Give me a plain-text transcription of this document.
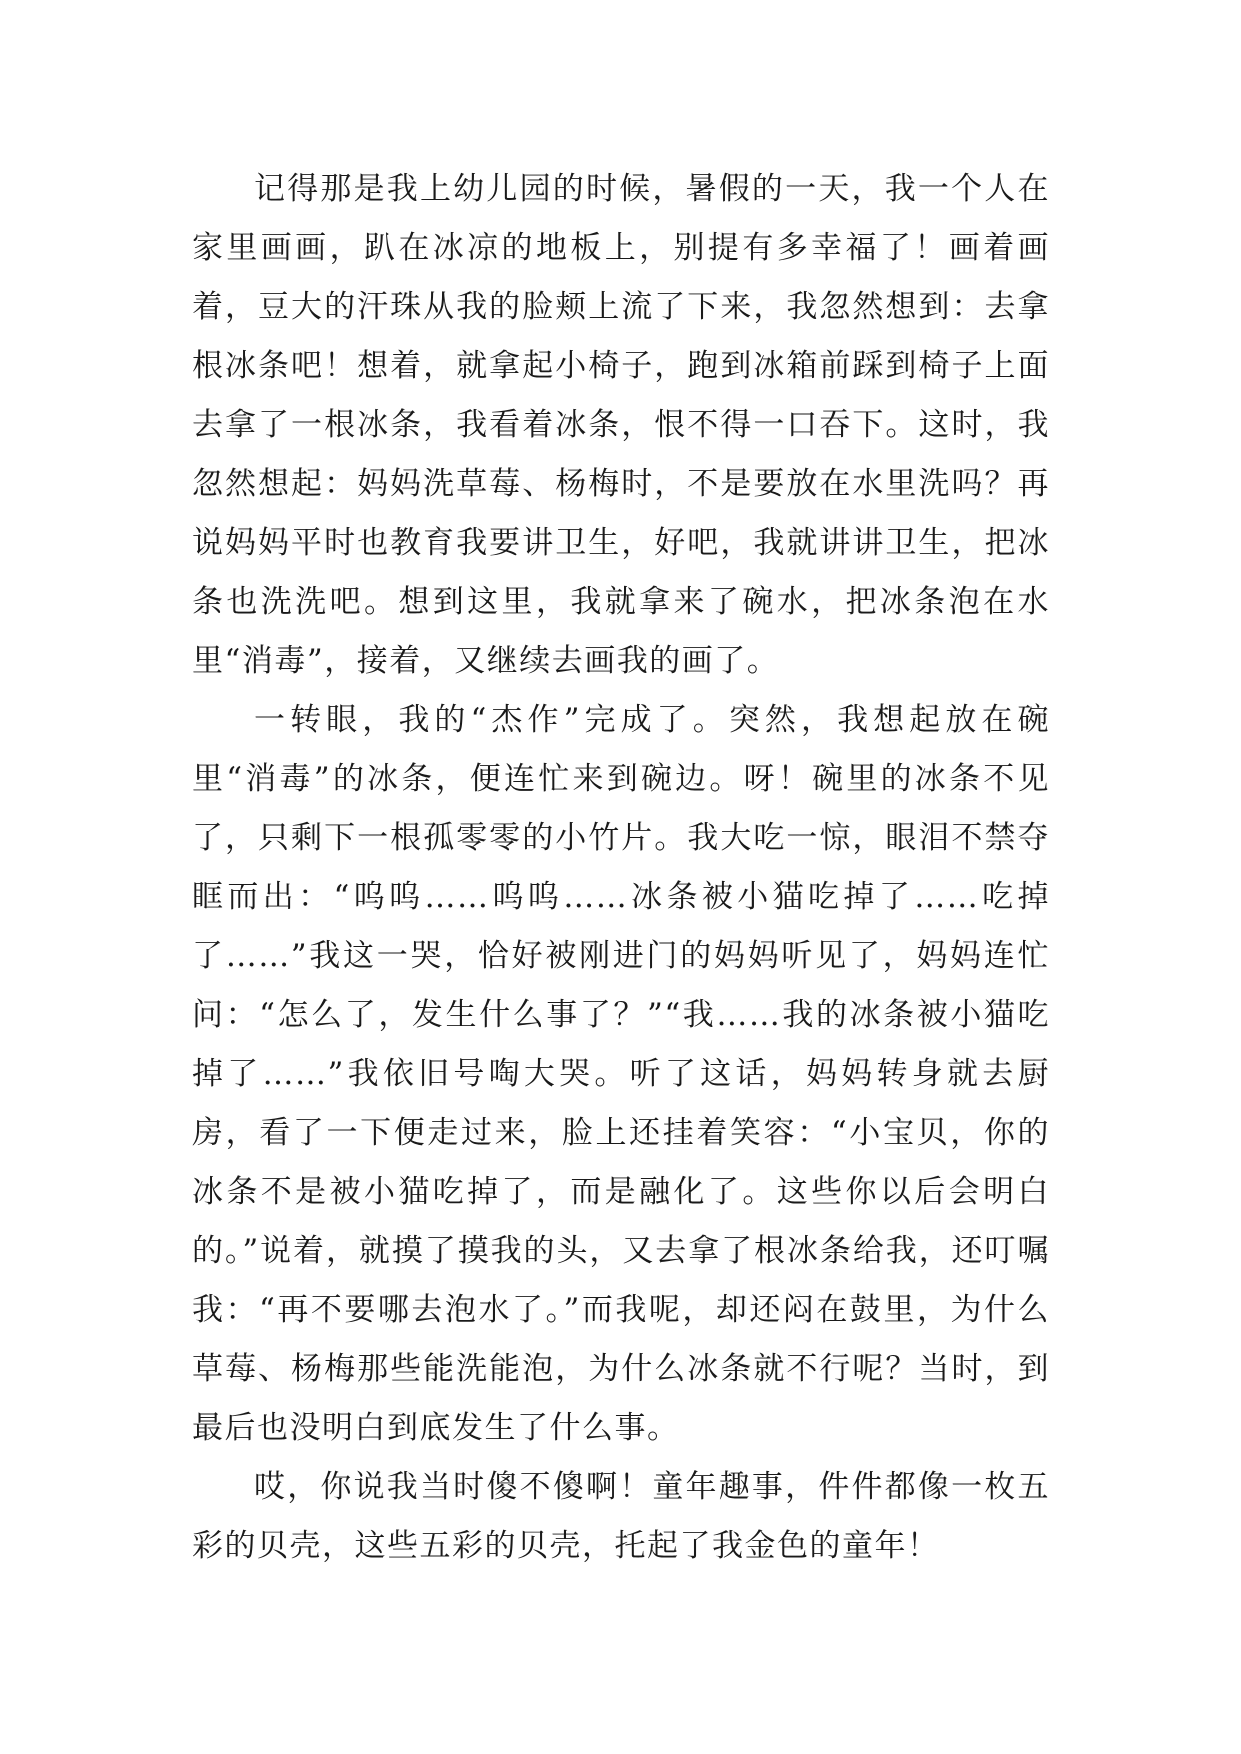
记得那是我上幼儿园的时候，暑假的一天，我一个人在家里画画，趴在冰凉的地板上，别提有多幸福了！画着画着，豆大的汗珠从我的脸颊上流了下来，我忽然想到：去拿根冰条吧！想着，就拿起小椅子，跑到冰箱前踩到椅子上面去拿了一根冰条，我看着冰条，恨不得一口吞下。这时，我忽然想起：妈妈洗草莓、杨梅时，不是要放在水里洗吗？再说妈妈平时也教育我要讲卫生，好吧，我就讲讲卫生，把冰条也洗洗吧。想到这里，我就拿来了碗水，把冰条泡在水里“消毒”，接着，又继续去画我的画了。

一转眼，我的“杰作”完成了。突然，我想起放在碗里“消毒”的冰条，便连忙来到碗边。呀！碗里的冰条不见了，只剩下一根孤零零的小竹片。我大吃一惊，眼泪不禁夺眶而出：“呜呜……呜呜……冰条被小猫吃掉了……吃掉了……”我这一哭，恰好被刚进门的妈妈听见了，妈妈连忙问：“怎么了，发生什么事了？”“我……我的冰条被小猫吃掉了……”我依旧号啕大哭。听了这话，妈妈转身就去厨房，看了一下便走过来，脸上还挂着笑容：“小宝贝，你的冰条不是被小猫吃掉了，而是融化了。这些你以后会明白的。”说着，就摸了摸我的头，又去拿了根冰条给我，还叮嘱我：“再不要哪去泡水了。”而我呢，却还闷在鼓里，为什么草莓、杨梅那些能洗能泡，为什么冰条就不行呢？当时，到最后也没明白到底发生了什么事。

哎，你说我当时傻不傻啊！童年趣事，件件都像一枚五彩的贝壳，这些五彩的贝壳，托起了我金色的童年！
